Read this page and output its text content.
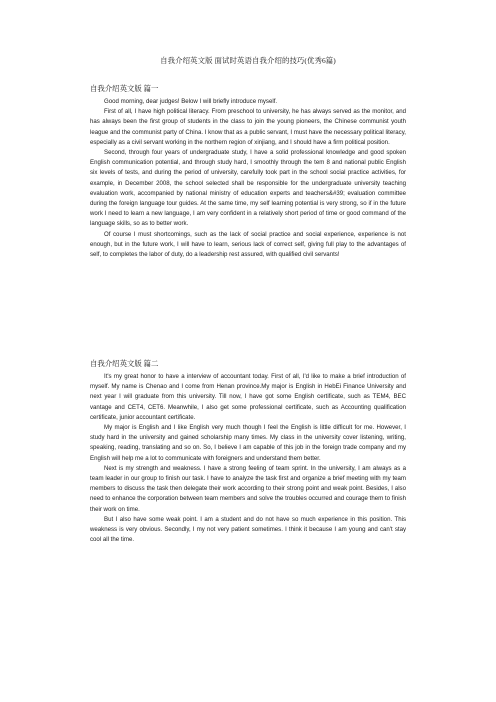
自我介绍英文版 面试时英语自我介绍的技巧(优秀6篇)
自我介绍英文版 篇一

Good morning, dear judges! Below I will briefly introduce myself.

First of all, I have high political literacy. From preschool to university, he has always served as the monitor, and has always been the first group of students in the class to join the young pioneers, the Chinese communist youth league and the communist party of China. I know that as a public servant, I must have the necessary political literacy, especially as a civil servant working in the northern region of xinjiang, and I should have a firm political position.

Second, through four years of undergraduate study, I have a solid professional knowledge and good spoken English communication potential, and through study hard, I smoothly through the tem 8 and national public English six levels of tests, and during the period of university, carefully took part in the school social practice activities, for example, in December 2008, the school selected shall be responsible for the undergraduate university teaching evaluation work, accompanied by national ministry of education experts and teachers&#39; evaluation committee during the foreign language tour guides. At the same time, my self learning potential is very strong, so if in the future work I need to learn a new language, I am very confident in a relatively short period of time or good command of the language skills, so as to better work.

Of course I must shortcomings, such as the lack of social practice and social experience, experience is not enough, but in the future work, I will have to learn, serious lack of correct self, giving full play to the advantages of self, to completes the labor of duty, do a leadership rest assured, with qualified civil servants!

自我介绍英文版 篇二

It's my great honor to have a interview of accountant today. First of all, I'd like to make a brief introduction of myself. My name is Chenao and I come from Henan province.My major is English in HebEi Finance University and next year I will graduate from this university. Till now, I have got some English certificate, such as TEM4, BEC vantage and CET4, CET6. Meanwhile, I also get some professional certificate, such as Accounting qualification certificate, junior accountant certificate.

My major is English and I like English very much though I feel the English is little difficult for me. However, I study hard in the university and gained scholarship many times. My class in the university cover listening, writing, speaking, reading, translating and so on. So, I believe I am capable of this job in the foreign trade company and my English will help me a lot to communicate with foreigners and understand them better.

Next is my strength and weakness. I have a strong feeling of team sprint. In the university, I am always as a team leader in our group to finish our task. I have to analyze the task first and organize a brief meeting with my team members to discuss the task then delegate their work according to their strong point and weak point. Besides, I also need to enhance the corporation between team members and solve the troubles occurred and courage them to finish their work on time.

But I also have some weak point. I am a student and do not have so much experience in this position. This weakness is very obvious. Secondly, I my not very patient sometimes. I think it because I am young and can't stay cool all the time.
